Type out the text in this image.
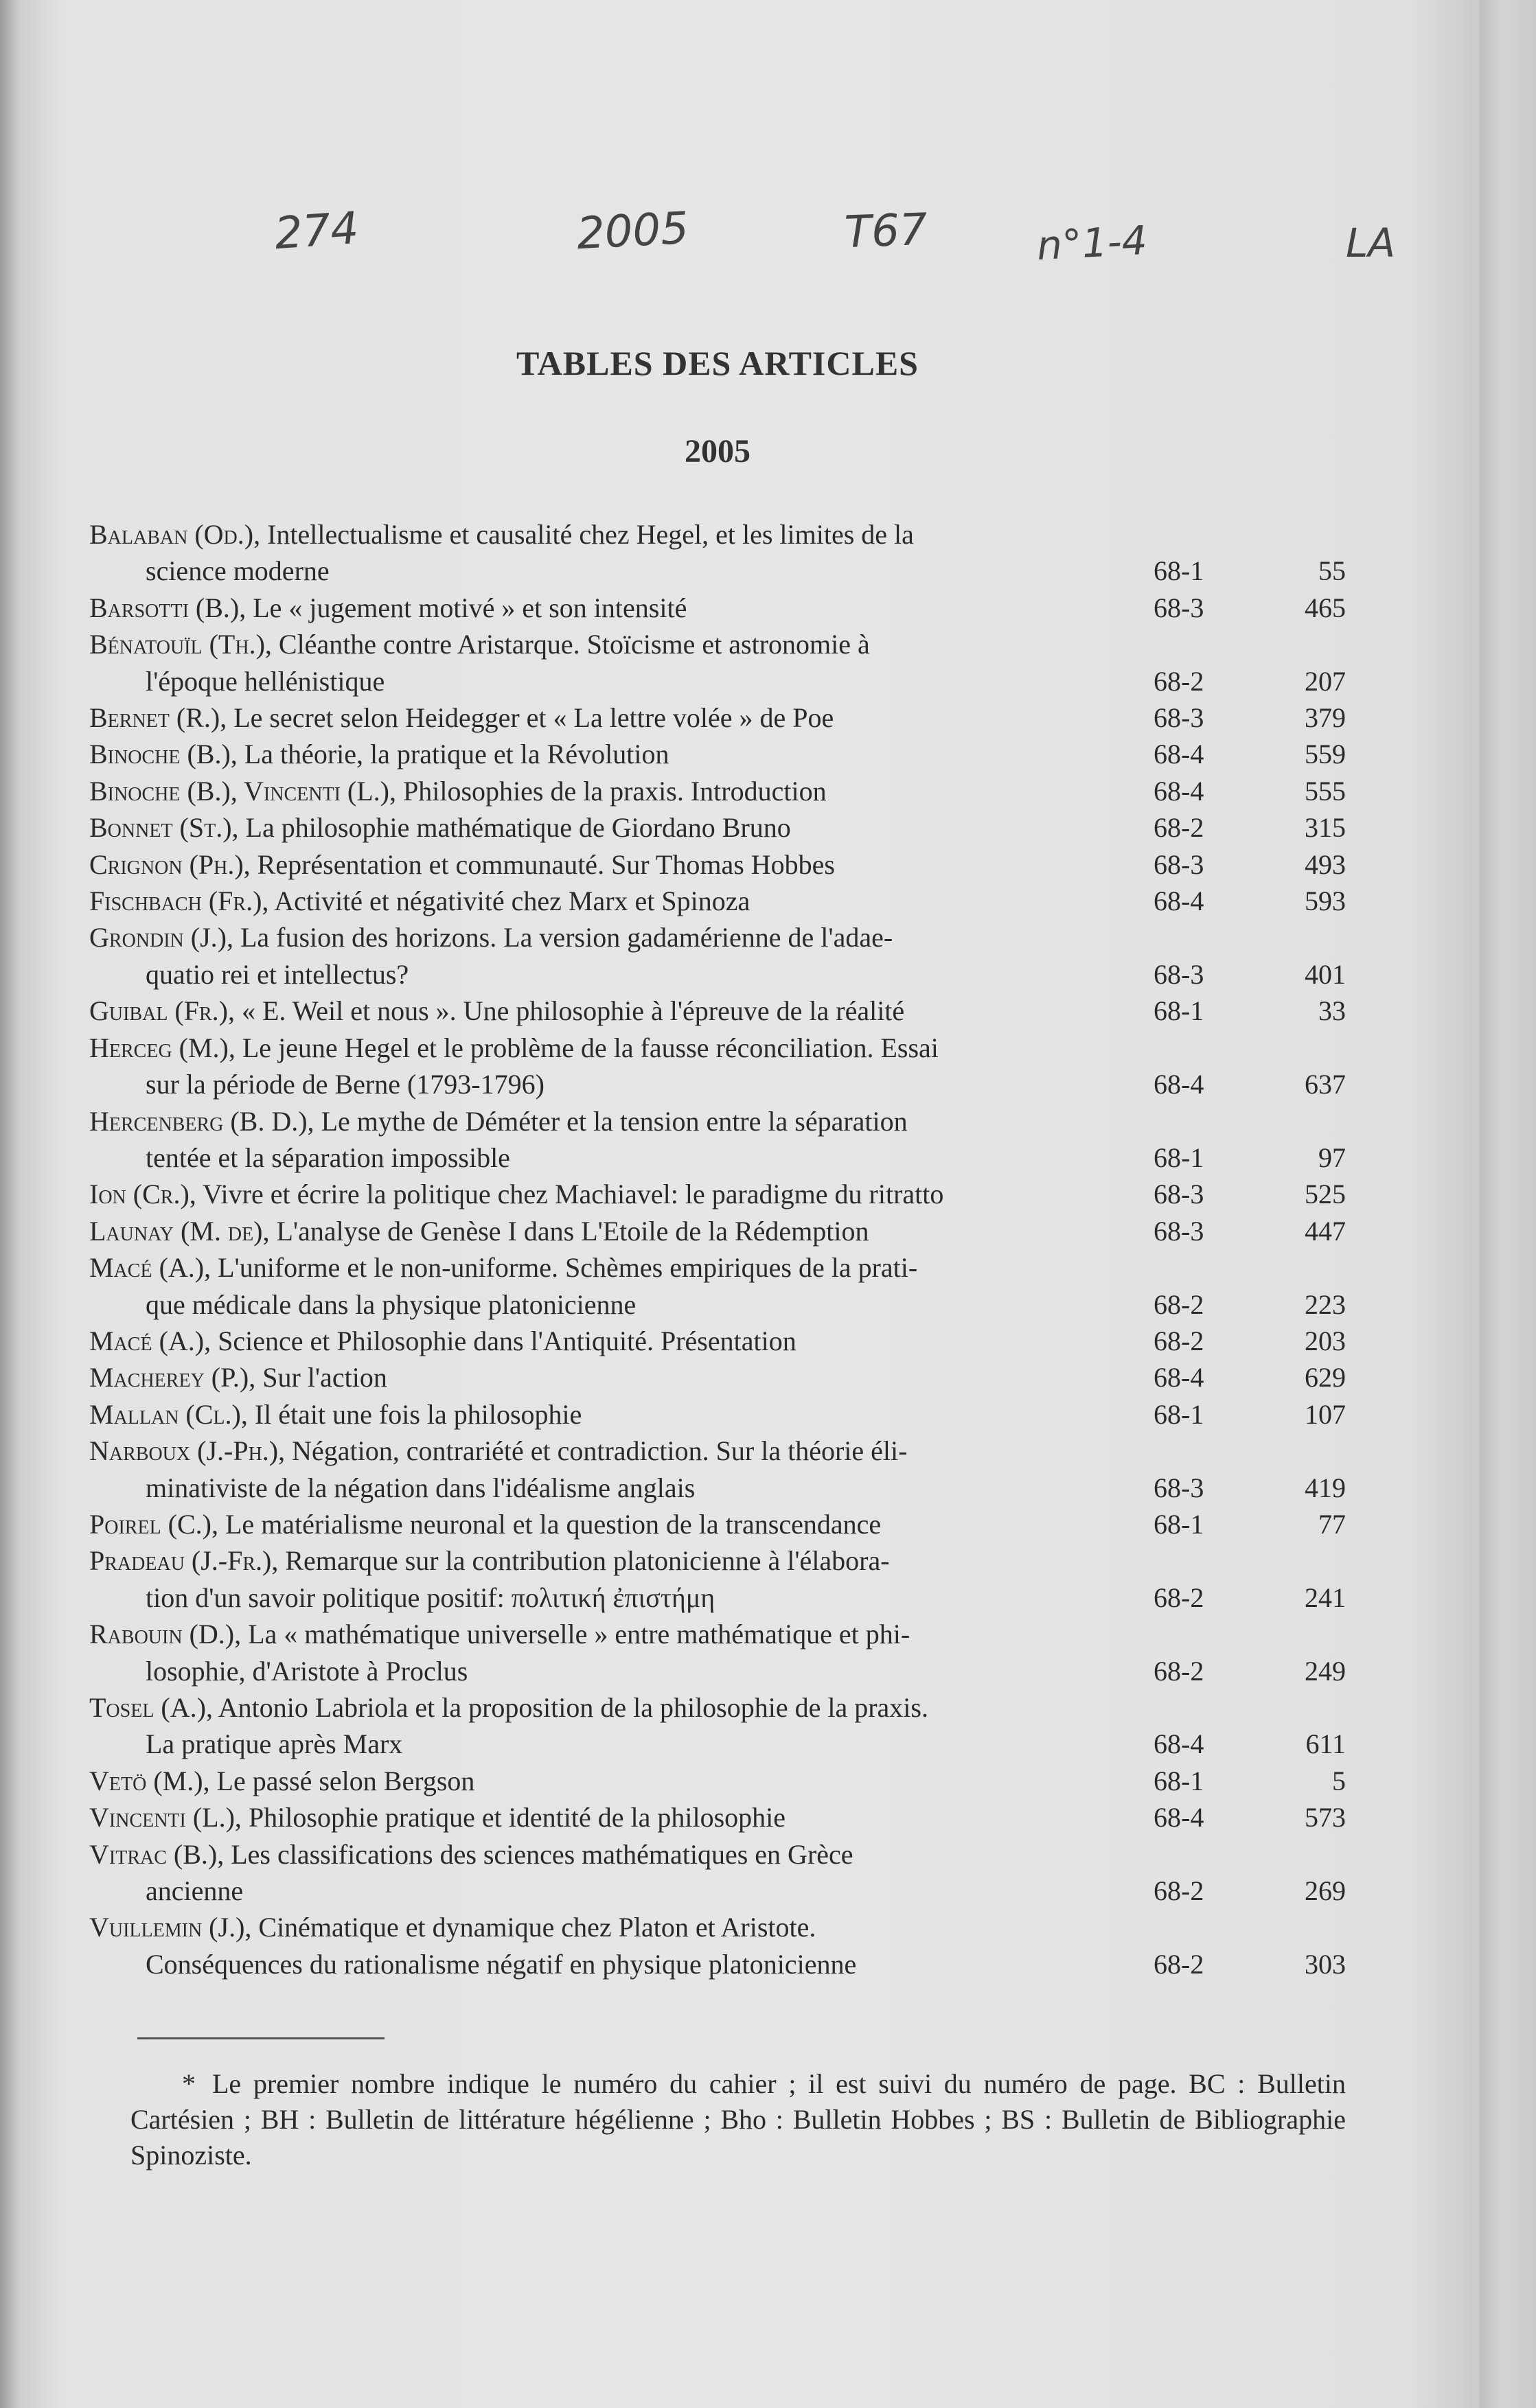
274	2005	T67	n°1-4	LA
TABLES DES ARTICLES
2005
Balaban (Od.), Intellectualisme et causalité chez Hegel, et les limites de la
science moderne	68-1	55
Barsotti (B.), Le « jugement motivé » et son intensité	68-3	465
Bénatouïl (Th.), Cléanthe contre Aristarque. Stoïcisme et astronomie à
l'époque hellénistique	68-2	207
Bernet (R.), Le secret selon Heidegger et « La lettre volée » de Poe	68-3	379
Binoche (B.), La théorie, la pratique et la Révolution	68-4	559
Binoche (B.), Vincenti (L.), Philosophies de la praxis. Introduction	68-4	555
Bonnet (St.), La philosophie mathématique de Giordano Bruno	68-2	315
Crignon (Ph.), Représentation et communauté. Sur Thomas Hobbes	68-3	493
Fischbach (Fr.), Activité et négativité chez Marx et Spinoza	68-4	593
Grondin (J.), La fusion des horizons. La version gadamérienne de l'adae-
quatio rei et intellectus?	68-3	401
Guibal (Fr.), « E. Weil et nous ». Une philosophie à l'épreuve de la réalité	68-1	33
Herceg (M.), Le jeune Hegel et le problème de la fausse réconciliation. Essai
sur la période de Berne (1793-1796)	68-4	637
Hercenberg (B. D.), Le mythe de Déméter et la tension entre la séparation
tentée et la séparation impossible	68-1	97
Ion (Cr.), Vivre et écrire la politique chez Machiavel: le paradigme du ritratto	68-3	525
Launay (M. de), L'analyse de Genèse I dans L'Etoile de la Rédemption	68-3	447
Macé (A.), L'uniforme et le non-uniforme. Schèmes empiriques de la prati-
que médicale dans la physique platonicienne	68-2	223
Macé (A.), Science et Philosophie dans l'Antiquité. Présentation	68-2	203
Macherey (P.), Sur l'action	68-4	629
Mallan (Cl.), Il était une fois la philosophie	68-1	107
Narboux (J.-Ph.), Négation, contrariété et contradiction. Sur la théorie éli-
minativiste de la négation dans l'idéalisme anglais	68-3	419
Poirel (C.), Le matérialisme neuronal et la question de la transcendance	68-1	77
Pradeau (J.-Fr.), Remarque sur la contribution platonicienne à l'élabora-
tion d'un savoir politique positif: πολιτική ἐπιστήμη	68-2	241
Rabouin (D.), La « mathématique universelle » entre mathématique et phi-
losophie, d'Aristote à Proclus	68-2	249
Tosel (A.), Antonio Labriola et la proposition de la philosophie de la praxis.
La pratique après Marx	68-4	611
Vetö (M.), Le passé selon Bergson	68-1	5
Vincenti (L.), Philosophie pratique et identité de la philosophie	68-4	573
Vitrac (B.), Les classifications des sciences mathématiques en Grèce
ancienne	68-2	269
Vuillemin (J.), Cinématique et dynamique chez Platon et Aristote.
Conséquences du rationalisme négatif en physique platonicienne	68-2	303
* Le premier nombre indique le numéro du cahier ; il est suivi du numéro de page. BC : Bulletin Cartésien ; BH : Bulletin de littérature hégélienne ; Bho : Bulletin Hobbes ; BS : Bulletin de Bibliographie Spinoziste.
